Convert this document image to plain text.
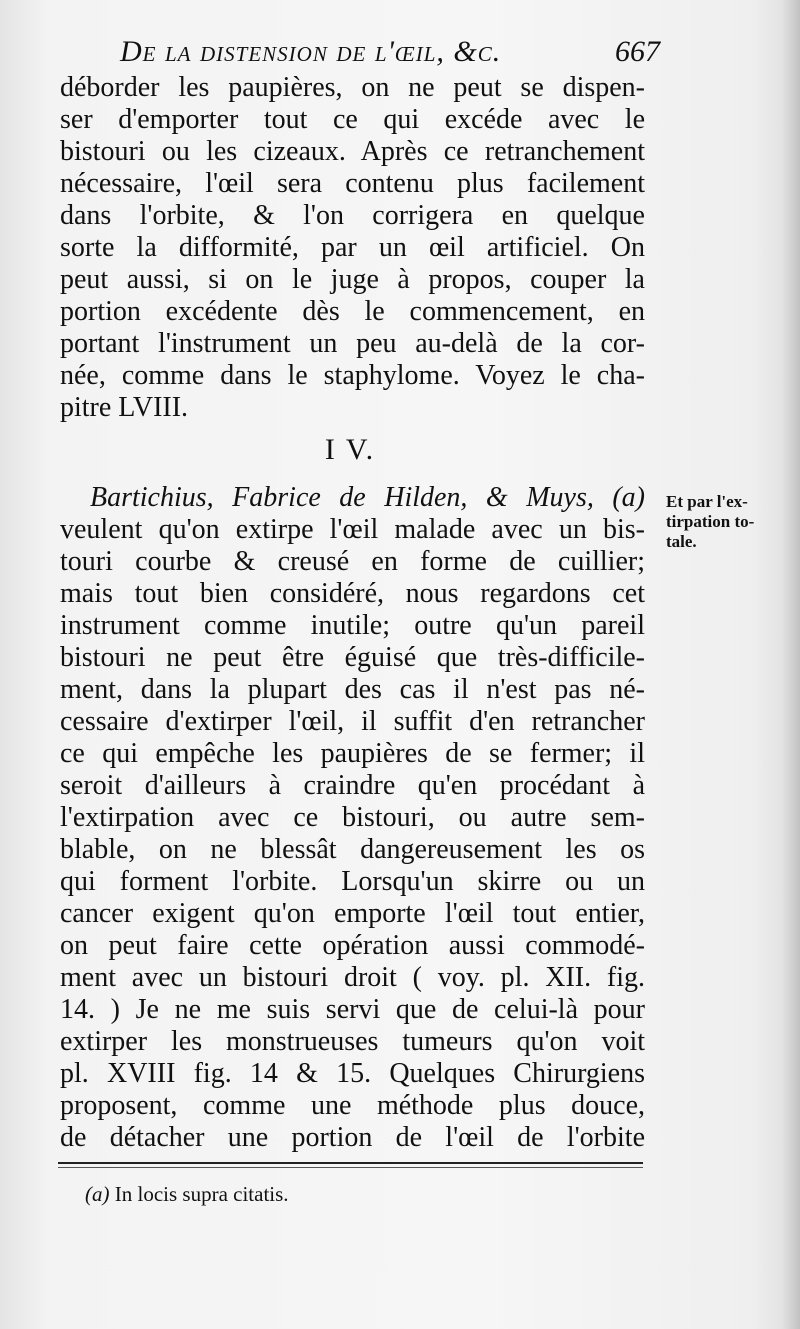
De la distension de l'œil, &c.	667
déborder les paupières, on ne peut se dispen-
ser d'emporter tout ce qui excéde avec le
bistouri ou les cizeaux. Après ce retranchement
nécessaire, l'œil sera contenu plus facilement
dans l'orbite, & l'on corrigera en quelque
sorte la difformité, par un œil artificiel. On
peut aussi, si on le juge à propos, couper la
portion excédente dès le commencement, en
portant l'instrument un peu au-delà de la cor-
née, comme dans le staphylome. Voyez le cha-
pitre LVIII.
I V.
Et par l'ex-
tirpation to-
tale.
Bartichius, Fabrice de Hilden, & Muys, (a)
veulent qu'on extirpe l'œil malade avec un bis-
touri courbe & creusé en forme de cuillier;
mais tout bien considéré, nous regardons cet
instrument comme inutile; outre qu'un pareil
bistouri ne peut être éguisé que très-difficile-
ment, dans la plupart des cas il n'est pas né-
cessaire d'extirper l'œil, il suffit d'en retrancher
ce qui empêche les paupières de se fermer; il
seroit d'ailleurs à craindre qu'en procédant à
l'extirpation avec ce bistouri, ou autre sem-
blable, on ne blessât dangereusement les os
qui forment l'orbite. Lorsqu'un skirre ou un
cancer exigent qu'on emporte l'œil tout entier,
on peut faire cette opération aussi commodé-
ment avec un bistouri droit ( voy. pl. XII. fig.
14. ) Je ne me suis servi que de celui-là pour
extirper les monstrueuses tumeurs qu'on voit
pl. XVIII fig. 14 & 15. Quelques Chirurgiens
proposent, comme une méthode plus douce,
de détacher une portion de l'œil de l'orbite
(a) In locis supra citatis.
